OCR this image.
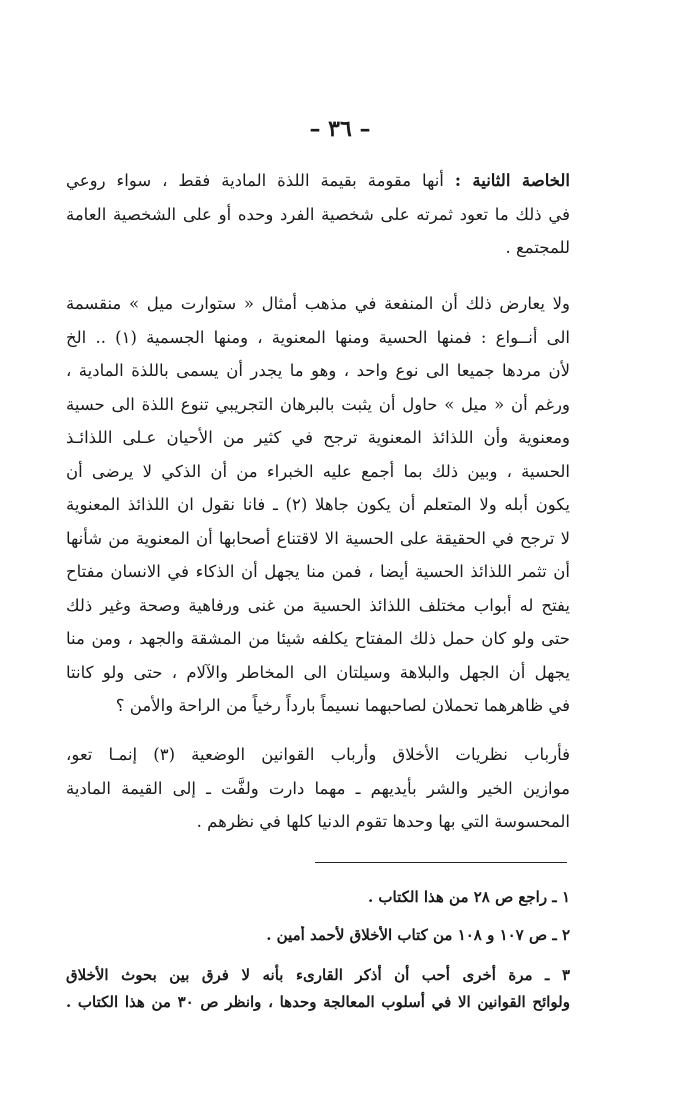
– ٣٦ –
الخاصة الثانية : أنها مقومة بقيمة اللذة المادية فقط ، سواء روعي
في ذلك ما تعود ثمرته على شخصية الفرد وحده أو على الشخصية العامة
للمجتمع .
ولا يعارض ذلك أن المنفعة في مذهب أمثال « ستوارت ميل » منقسمة
الى أنــواع : فمنها الحسية ومنها المعنوية ، ومنها الجسمية (١) .. الخ
لأن مردها جميعا الى نوع واحد ، وهو ما يجدر أن يسمى باللذة المادية ،
ورغم أن « ميل » حاول أن يثبت بالبرهان التجريبي تنوع اللذة الى حسية
ومعنوية وأن اللذائذ المعنوية ترجح في كثير من الأحيان عـلى اللذائـذ
الحسية ، وبين ذلك بما أجمع عليه الخبراء من أن الذكي لا يرضى أن
يكون أبله ولا المتعلم أن يكون جاهلا (٢) ـ فانا نقول ان اللذائذ المعنوية
لا ترجح في الحقيقة على الحسية الا لاقتناع أصحابها أن المعنوية من شأنها
أن تثمر اللذائذ الحسية أيضا ، فمن منا يجهل أن الذكاء في الانسان مفتاح
يفتح له أبواب مختلف اللذائذ الحسية من غنى ورفاهية وصحة وغير ذلك
حتى ولو كان حمل ذلك المفتاح يكلفه شيئا من المشقة والجهد ، ومن منا
يجهل أن الجهل والبلاهة وسيلتان الى المخاطر والآلام ، حتى ولو كانتا
في ظاهرهما تحملان لصاحبهما نسيماً بارداً رخياً من الراحة والأمن ؟
فأرباب نظريات الأخلاق وأرباب القوانين الوضعية (٣) إنمـا تعو،
موازين الخير والشر بأيديهم ـ مهما دارت ولفَّت ـ إلى القيمة المادية
المحسوسة التي بها وحدها تقوم الدنيا كلها في نظرهم .
١ ـ راجع ص ٢٨ من هذا الكتاب .
٢ ـ ص ١٠٧ و ١٠٨ من كتاب الأخلاق لأحمد أمين .
٣ ـ مرة أخرى أحب أن أذكر القارىء بأنه لا فرق بين بحوث الأخلاق
ولوائح القوانين الا في أسلوب المعالجة وحدها ، وانظر ص ٣٠ من هذا الكتاب .
